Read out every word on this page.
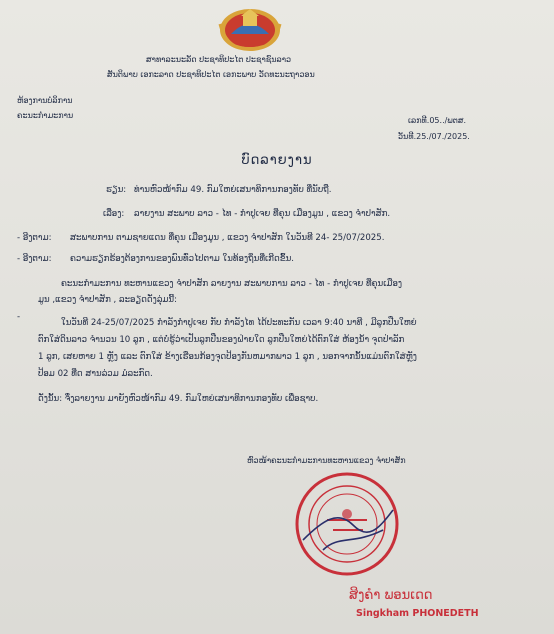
ສາທາລະນະລັດ ປະຊາທິປະໄຕ ປະຊາຊົນລາວ
ສັນຕິພາບ ເອກະລາດ ປະຊາທິປະໄຕ ເອກະພາບ ວັດທະນະຖາວອນ
ຫ້ອງການບໍລິການ
ຄະນະກຳມະການ
ເລກທີ.05../ພຕສ.
ວັນທີ.25./07./2025.
ບົດລາຍງານ
ຮຽນ: ທ່ານຫົວໜ້າກົມ 49. ກົມໃຫຍ່ເສນາທິການກອງທັບ ທີ່ນັບຖື.
ເລື່ອງ: ລາຍງານ ສະພາບ ລາວ - ໄທ - ກຳປູເຈຍ ທີ່ຄຸນ ເມືອງມູນ , ແຂວງ ຈຳປາສັກ.
- ອີງຕາມ: ສະພາບການ ຕາມຊາຍແດນ ທີ່ຄຸນ ເມືອງມູນ , ແຂວງ ຈຳປາສັກ ໃນວັນທີ 24- 25/07/2025.
- ອີງຕາມ: ຄວາມຮຽກຮ້ອງຕ້ອງການຂອງພົນທົ່ວໄປຕາມ ໃນທ້ອງຖິ່ນທີ່ເກີດຂຶ້ນ.
ຄະນະກຳມະການ ທະຫານແຂວງ ຈຳປາສັກ ລາຍງານ ສະພາບການ ລາວ - ໄທ - ກຳປູເຈຍ ທີ່ຄຸນເມືອງ
ມູນ ,ແຂວງ ຈຳປາສັກ , ລະອຽດດັ່ງລຸ່ມນີ້:
-
ໃນວັນທີ 24-25/07/2025 ກຳລັງກຳປູເຈຍ ກັບ ກຳລັງໄທ ໄດ້ປະທະກັນ ເວລາ 9:40 ນາທີ , ມີລູກປືນໃຫຍ່
ຕົກໃສ່ດິນລາວ ຈຳນວນ 10 ລູກ , ແຕ່ບໍ່ຮູ້ວ່າເປັນລູກປືນຂອງຝ່າຍໃດ ລູກປືນໃຫຍ່ໄດ້ຕົກໃສ່ ຫ້ອງນ້ຳ ຈຸດປ່າລັກ
1 ລູກ, ເສຍຫາຍ 1 ຫຼັງ ແລະ ຕົກໃສ່ ຂ້າງເຮືອນກ້ອງຈຸດປ້ອງກັນຫມາກພາວ 1 ລູກ , ນອກຈາກນັ້ນແມ່ນຕົກໃສ່ຫຼັງ
ປ້ອມ 02 ທີ່ດ ສານລ່ວມ ມໍລະກົດ.
ດັ່ງນັ້ນ: ຈຶ່ງລາຍງານ ມາຍັງຫົວໜ້າກົມ 49. ກົມໃຫຍ່ເສນາທິການກອງທັບ ເພື່ອຊາບ.
ຫົວໜ້າຄະນະກຳມະການທະຫານແຂວງ ຈຳປາສັກ
ສິງຄຳ ພອນເດດ
Singkham PHONEDETH
